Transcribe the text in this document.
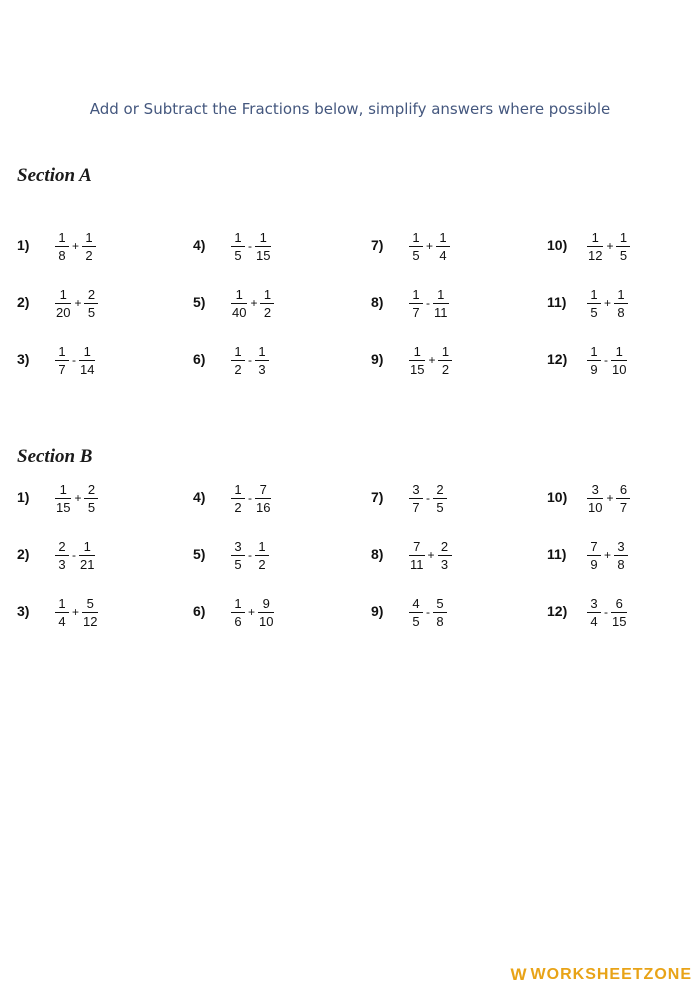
Add or Subtract the Fractions below, simplify answers where possible
Section A
$1) \frac{1}{8} + \frac{1}{2}$
$2) \frac{1}{20} + \frac{2}{5}$
$3) \frac{1}{7} - \frac{1}{14}$
$4) \frac{1}{5} - \frac{1}{15}$
$5) \frac{1}{40} + \frac{1}{2}$
$6) \frac{1}{2} - \frac{1}{3}$
$7) \frac{1}{5} + \frac{1}{4}$
$8) \frac{1}{7} - \frac{1}{11}$
$9) \frac{1}{15} + \frac{1}{2}$
$10) \frac{1}{12} + \frac{1}{5}$
$11) \frac{1}{5} + \frac{1}{8}$
$12) \frac{1}{9} - \frac{1}{10}$
Section B
$1) \frac{1}{15} + \frac{2}{5}$
$2) \frac{2}{3} - \frac{1}{21}$
$3) \frac{1}{4} + \frac{5}{12}$
$4) \frac{1}{2} - \frac{7}{16}$
$5) \frac{3}{5} - \frac{1}{2}$
$6) \frac{1}{6} + \frac{9}{10}$
$7) \frac{3}{7} - \frac{2}{5}$
$8) \frac{7}{11} + \frac{2}{3}$
$9) \frac{4}{5} - \frac{5}{8}$
$10) \frac{3}{10} + \frac{6}{7}$
$11) \frac{7}{9} + \frac{3}{8}$
$12) \frac{3}{4} - \frac{6}{15}$
W WORKSHEETZONE
